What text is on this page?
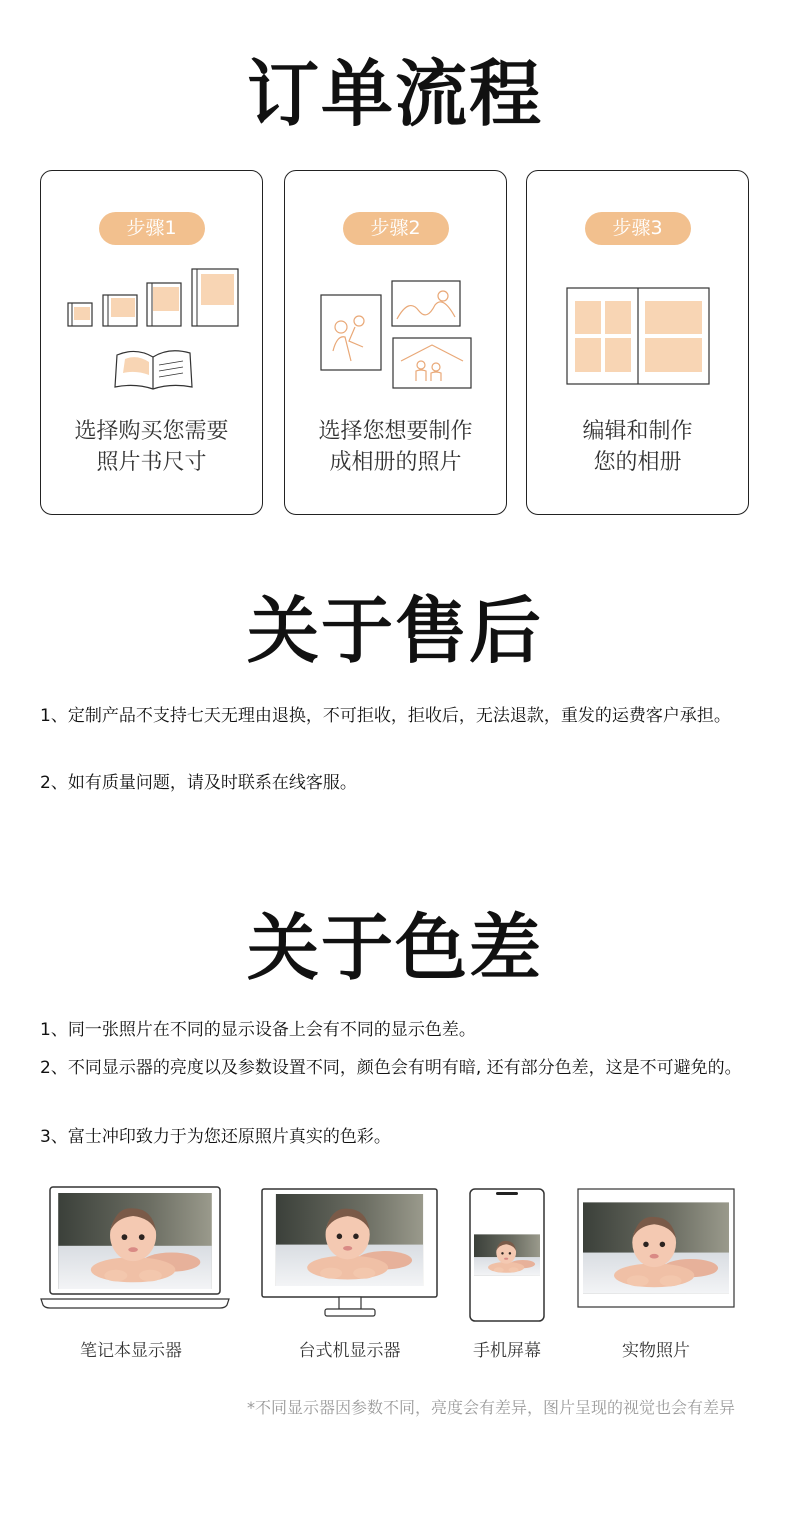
订单流程
步骤1
选择购买您需要
照片书尺寸
步骤2
选择您想要制作
成相册的照片
步骤3
编辑和制作
您的相册
关于售后
1、定制产品不支持七天无理由退换，不可拒收，拒收后，无法退款，重发的运费客户承担。
2、如有质量问题，请及时联系在线客服。
关于色差
1、同一张照片在不同的显示设备上会有不同的显示色差。
2、不同显示器的亮度以及参数设置不同，颜色会有明有暗, 还有部分色差，这是不可避免的。
3、富士冲印致力于为您还原照片真实的色彩。
笔记本显示器	台式机显示器	手机屏幕	实物照片
*不同显示器因参数不同，亮度会有差异，图片呈现的视觉也会有差异
